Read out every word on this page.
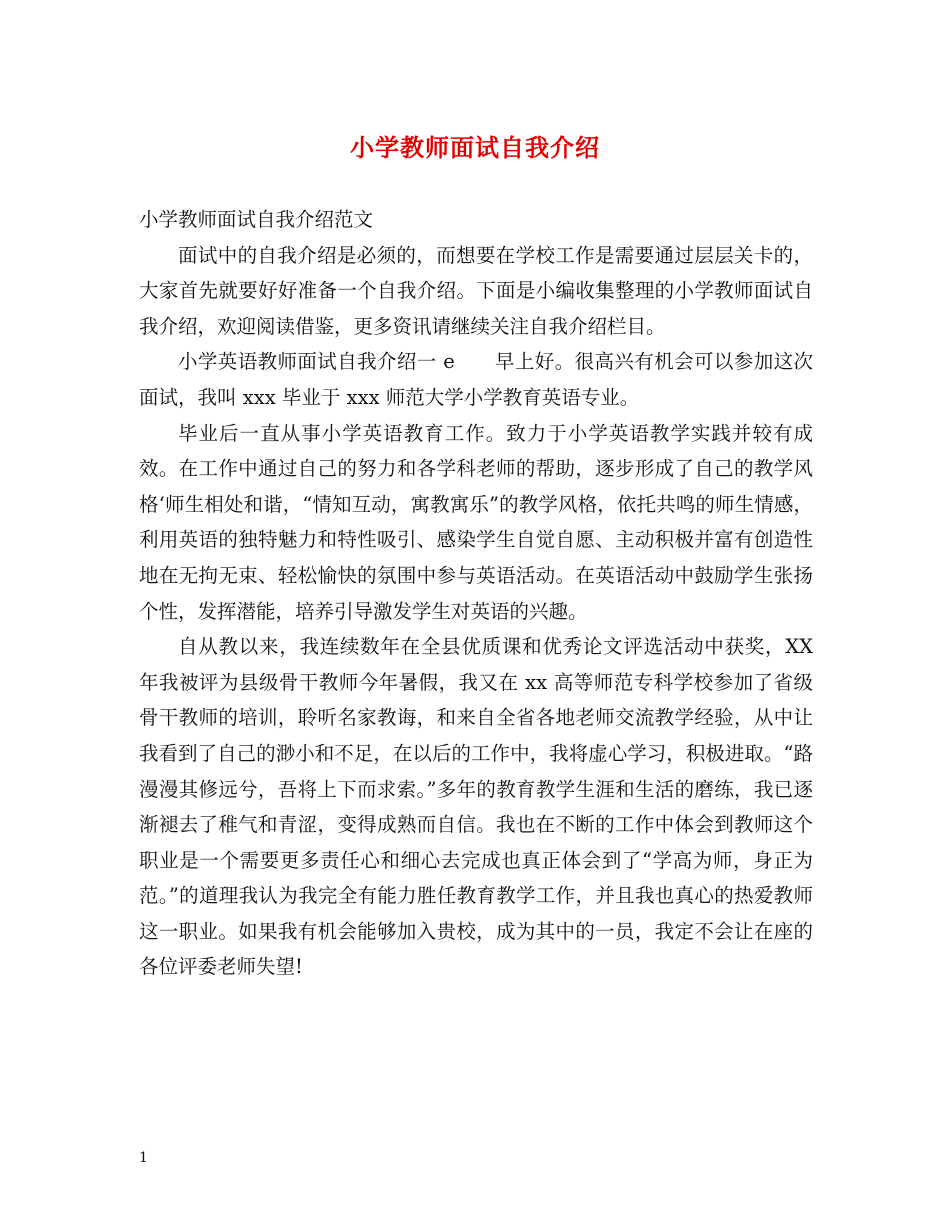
小学教师面试自我介绍

小学教师面试自我介绍范文

面试中的自我介绍是必须的，而想要在学校工作是需要通过层层关卡的，大家首先就要好好准备一个自我介绍。下面是小编收集整理的小学教师面试自我介绍，欢迎阅读借鉴，更多资讯请继续关注自我介绍栏目。

小学英语教师面试自我介绍一 e　　早上好。很高兴有机会可以参加这次面试，我叫 xxx 毕业于 xxx 师范大学小学教育英语专业。

毕业后一直从事小学英语教育工作。致力于小学英语教学实践并较有成效。在工作中通过自己的努力和各学科老师的帮助，逐步形成了自己的教学风格‘师生相处和谐，“情知互动，寓教寓乐”的教学风格，依托共鸣的师生情感，利用英语的独特魅力和特性吸引、感染学生自觉自愿、主动积极并富有创造性地在无拘无束、轻松愉快的氛围中参与英语活动。在英语活动中鼓励学生张扬个性，发挥潜能，培养引导激发学生对英语的兴趣。

自从教以来，我连续数年在全县优质课和优秀论文评选活动中获奖，XX 年我被评为县级骨干教师今年暑假，我又在 xx 高等师范专科学校参加了省级骨干教师的培训，聆听名家教诲，和来自全省各地老师交流教学经验，从中让我看到了自己的渺小和不足，在以后的工作中，我将虚心学习，积极进取。“路漫漫其修远兮，吾将上下而求索。”多年的教育教学生涯和生活的磨练，我已逐渐褪去了稚气和青涩，变得成熟而自信。我也在不断的工作中体会到教师这个职业是一个需要更多责任心和细心去完成也真正体会到了“学高为师，身正为范。”的道理我认为我完全有能力胜任教育教学工作，并且我也真心的热爱教师这一职业。如果我有机会能够加入贵校，成为其中的一员，我定不会让在座的各位评委老师失望!

1
